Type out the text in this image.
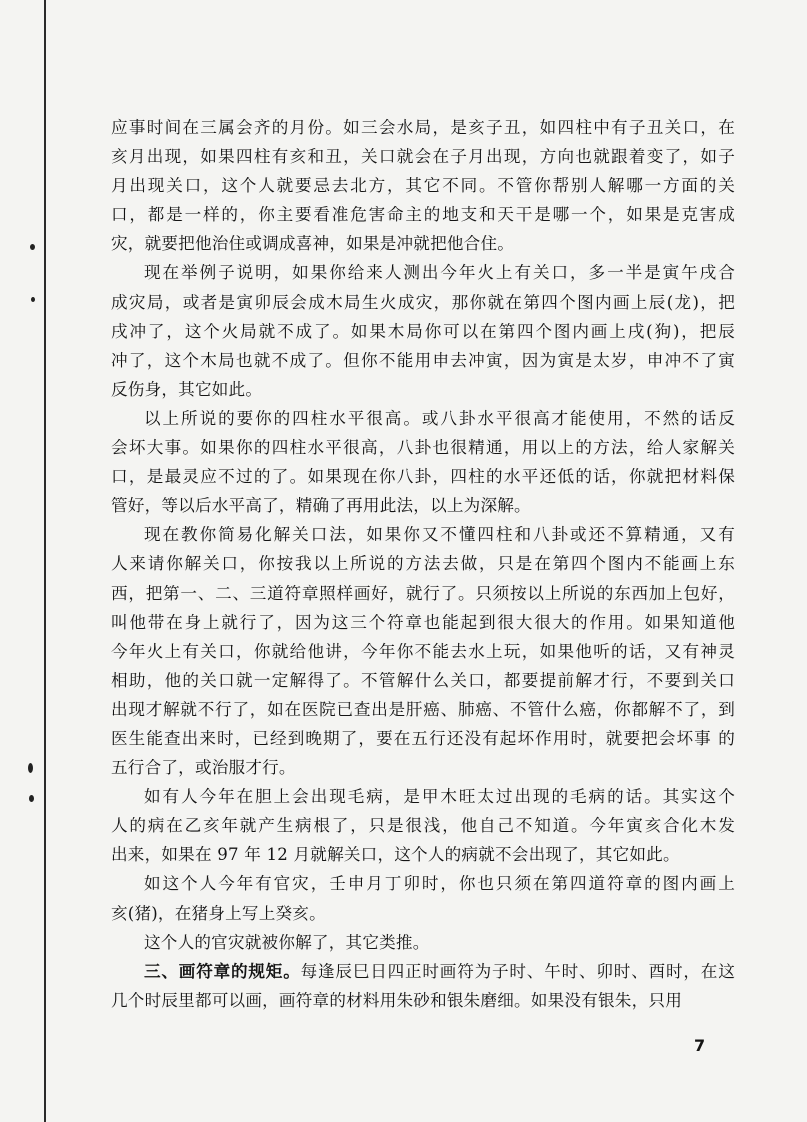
应事时间在三属会齐的月份。如三会水局，是亥子丑，如四柱中有子丑关口，在
亥月出现，如果四柱有亥和丑，关口就会在子月出现，方向也就跟着变了，如子
月出现关口，这个人就要忌去北方，其它不同。不管你帮别人解哪一方面的关
口，都是一样的，你主要看准危害命主的地支和天干是哪一个，如果是克害成
灾，就要把他治住或调成喜神，如果是冲就把他合住。
现在举例子说明，如果你给来人测出今年火上有关口，多一半是寅午戌合
成灾局，或者是寅卯辰会成木局生火成灾，那你就在第四个图内画上辰(龙)，把
戌冲了，这个火局就不成了。如果木局你可以在第四个图内画上戌(狗)，把辰
冲了，这个木局也就不成了。但你不能用申去冲寅，因为寅是太岁，申冲不了寅
反伤身，其它如此。
以上所说的要你的四柱水平很高。或八卦水平很高才能使用，不然的话反
会坏大事。如果你的四柱水平很高，八卦也很精通，用以上的方法，给人家解关
口，是最灵应不过的了。如果现在你八卦，四柱的水平还低的话，你就把材料保
管好，等以后水平高了，精确了再用此法，以上为深解。
现在教你简易化解关口法，如果你又不懂四柱和八卦或还不算精通，又有
人来请你解关口，你按我以上所说的方法去做，只是在第四个图内不能画上东
西，把第一、二、三道符章照样画好，就行了。只须按以上所说的东西加上包好，
叫他带在身上就行了，因为这三个符章也能起到很大很大的作用。如果知道他
今年火上有关口，你就给他讲，今年你不能去水上玩，如果他听的话，又有神灵
相助，他的关口就一定解得了。不管解什么关口，都要提前解才行，不要到关口
出现才解就不行了，如在医院已查出是肝癌、肺癌、不管什么癌，你都解不了，到
医生能查出来时，已经到晚期了，要在五行还没有起坏作用时，就要把会坏事 的
五行合了，或治服才行。
如有人今年在胆上会出现毛病，是甲木旺太过出现的毛病的话。其实这个
人的病在乙亥年就产生病根了，只是很浅，他自己不知道。今年寅亥合化木发
出来，如果在 97 年 12 月就解关口，这个人的病就不会出现了，其它如此。
如这个人今年有官灾，壬申月丁卯时，你也只须在第四道符章的图内画上
亥(猪)，在猪身上写上癸亥。
这个人的官灾就被你解了，其它类推。
三、画符章的规矩。每逢辰巳日四正时画符为子时、午时、卯时、酉时，在这
几个时辰里都可以画，画符章的材料用朱砂和银朱磨细。如果没有银朱，只用
7
